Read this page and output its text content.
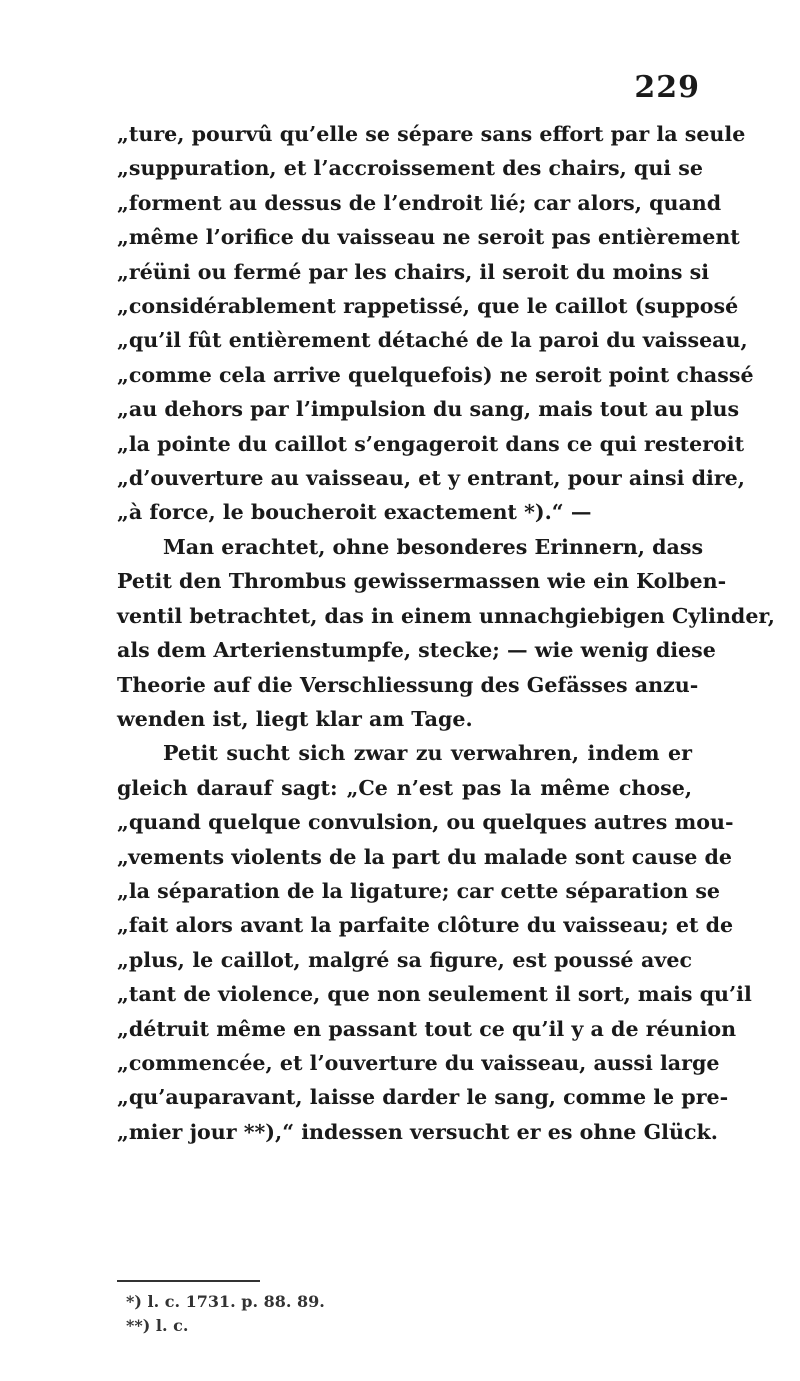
229
„ture, pourvû qu’elle se sépare sans effort par la seule
„suppuration, et l’accroissement des chairs, qui se
„forment au dessus de l’endroit lié; car alors, quand
„même l’orifice du vaisseau ne seroit pas entièrement
„réüni ou fermé par les chairs, il seroit du moins si
„considérablement rappetissé, que le caillot (supposé
„qu’il fût entièrement détaché de la paroi du vaisseau,
„comme cela arrive quelquefois) ne seroit point chassé
„au dehors par l’impulsion du sang, mais tout au plus
„la pointe du caillot s’engageroit dans ce qui resteroit
„d’ouverture au vaisseau, et y entrant, pour ainsi dire,
„à force, le boucheroit exactement *).“ —
Man erachtet, ohne besonderes Erinnern, dass
Petit den Thrombus gewissermassen wie ein Kolben-
ventil betrachtet, das in einem unnachgiebigen Cylinder,
als dem Arterienstumpfe, stecke; — wie wenig diese
Theorie auf die Verschliessung des Gefässes anzu-
wenden ist, liegt klar am Tage.
Petit sucht sich zwar zu verwahren, indem er
gleich darauf sagt: „Ce n’est pas la même chose,
„quand quelque convulsion, ou quelques autres mou-
„vements violents de la part du malade sont cause de
„la séparation de la ligature; car cette séparation se
„fait alors avant la parfaite clôture du vaisseau; et de
„plus, le caillot, malgré sa figure, est poussé avec
„tant de violence, que non seulement il sort, mais qu’il
„détruit même en passant tout ce qu’il y a de réunion
„commencée, et l’ouverture du vaisseau, aussi large
„qu’auparavant, laisse darder le sang, comme le pre-
„mier jour **),“ indessen versucht er es ohne Glück.
*) l. c. 1731. p. 88. 89.
**) l. c.
